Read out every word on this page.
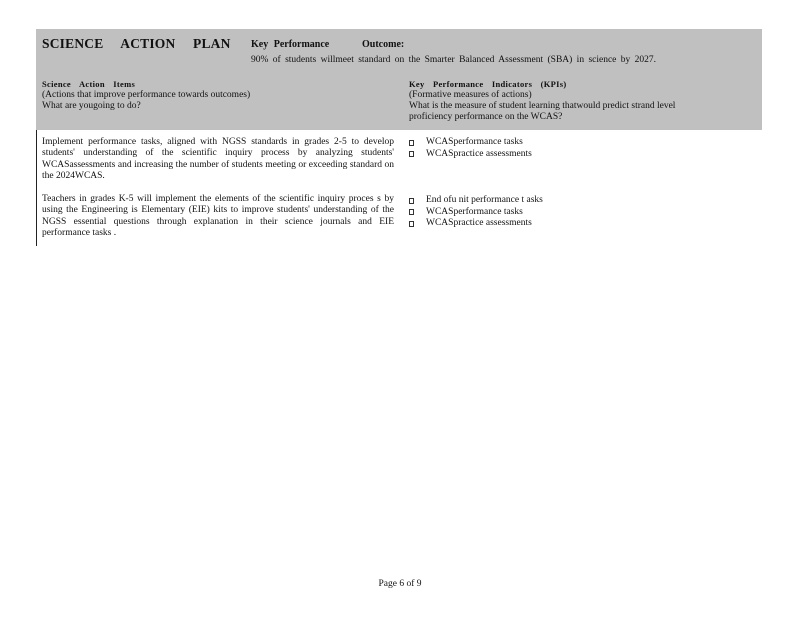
SCIENCE ACTION PLAN Key Performance	Outcome:
90% of students willmeet standard on the Smarter Balanced Assessment (SBA) in science by 2027.
Science Action Items
(Actions that improve performance towards outcomes)
What are yougoing to do?
Key Performance Indicators (KPIs)
(Formative measures of actions)
What is the measure of student learning thatwould predict strand level
proficiency performance on the WCAS?
Implement performance tasks, aligned with NGSS standards in grades 2-5 to develop students' understanding of the scientific inquiry process by analyzing students' WCASassessments and increasing the number of students meeting or exceeding standard on the 2024WCAS.
WCASperformance tasks
WCASpractice assessments
Teachers in grades K-5 will implement the elements of the scientific inquiry proces s by using the Engineering is Elementary (EIE) kits to improve students' understanding of the NGSS essential questions through explanation in their science journals and EIE performance tasks .
End ofu nit performance t asks
WCASperformance tasks
WCASpractice assessments
Page 6 of 9
